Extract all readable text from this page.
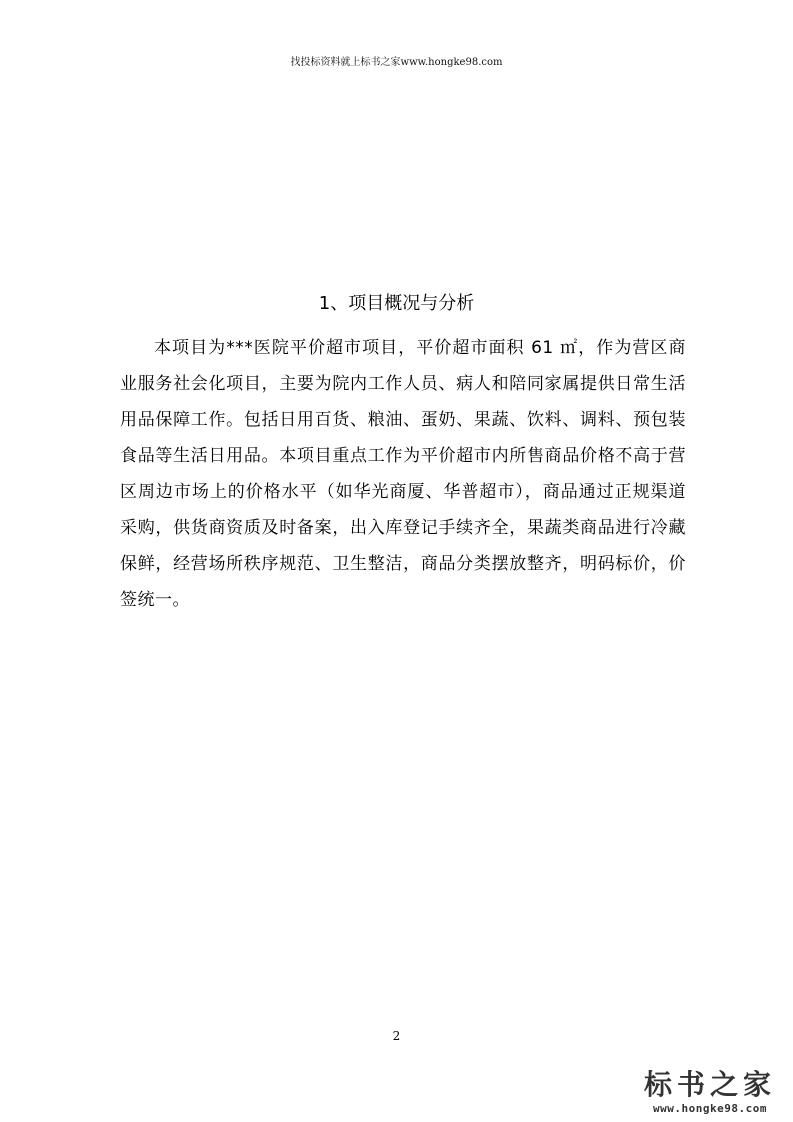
找投标资料就上标书之家www.hongke98.com
1、项目概况与分析

本项目为***医院平价超市项目，平价超市面积 61 ㎡，作为营区商业服务社会化项目，主要为院内工作人员、病人和陪同家属提供日常生活用品保障工作。包括日用百货、粮油、蛋奶、果蔬、饮料、调料、预包装食品等生活日用品。本项目重点工作为平价超市内所售商品价格不高于营区周边市场上的价格水平（如华光商厦、华普超市），商品通过正规渠道采购，供货商资质及时备案，出入库登记手续齐全，果蔬类商品进行冷藏保鲜，经营场所秩序规范、卫生整洁，商品分类摆放整齐，明码标价，价签统一。

2
标书之家
www.hongke98.com
